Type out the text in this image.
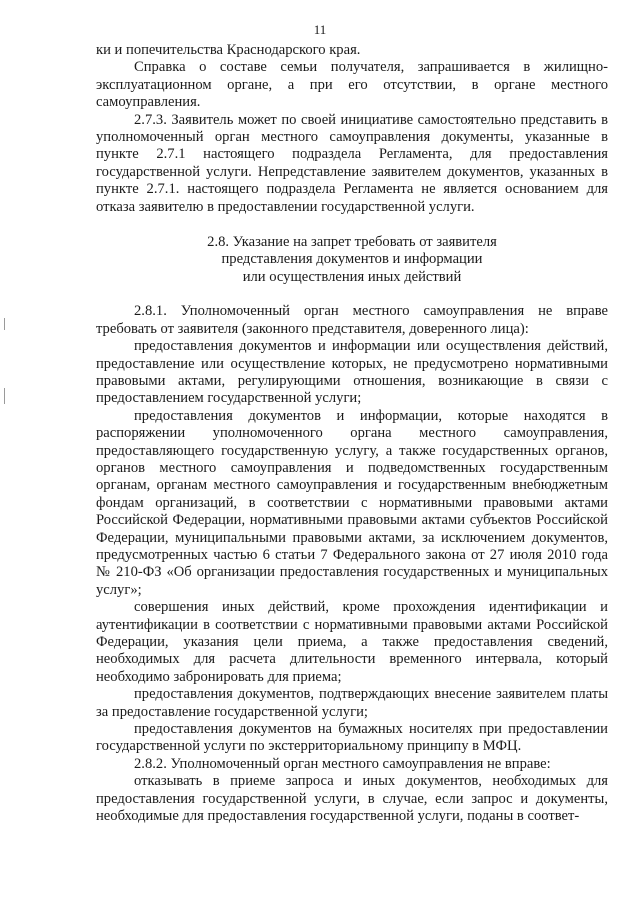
11

ки и попечительства Краснодарского края.

Справка о составе семьи получателя, запрашивается в жилищно-эксплуатационном органе, а при его отсутствии, в органе местного самоуправления.

2.7.3. Заявитель может по своей инициативе самостоятельно представить в уполномоченный орган местного самоуправления документы, указанные в пункте 2.7.1 настоящего подраздела Регламента, для предоставления государственной услуги. Непредставление заявителем документов, указанных в пункте 2.7.1. настоящего подраздела Регламента не является основанием для отказа заявителю в предоставлении государственной услуги.

2.8. Указание на запрет требовать от заявителя
представления документов и информации
или осуществления иных действий

2.8.1. Уполномоченный орган местного самоуправления не вправе требовать от заявителя (законного представителя, доверенного лица):

предоставления документов и информации или осуществления действий, предоставление или осуществление которых, не предусмотрено нормативными правовыми актами, регулирующими отношения, возникающие в связи с предоставлением государственной услуги;

предоставления документов и информации, которые находятся в распоряжении уполномоченного органа местного самоуправления, предоставляющего государственную услугу, а также государственных органов, органов местного самоуправления и подведомственных государственным органам, органам местного самоуправления и государственным внебюджетным фондам организаций, в соответствии с нормативными правовыми актами Российской Федерации, нормативными правовыми актами субъектов Российской Федерации, муниципальными правовыми актами, за исключением документов, предусмотренных частью 6 статьи 7 Федерального закона от 27 июля 2010 года № 210-ФЗ «Об организации предоставления государственных и муниципальных услуг»;

совершения иных действий, кроме прохождения идентификации и аутентификации в соответствии с нормативными правовыми актами Российской Федерации, указания цели приема, а также предоставления сведений, необходимых для расчета длительности временного интервала, который необходимо забронировать для приема;

предоставления документов, подтверждающих внесение заявителем платы за предоставление государственной услуги;

предоставления документов на бумажных носителях при предоставлении государственной услуги по экстерриториальному принципу в МФЦ.

2.8.2. Уполномоченный орган местного самоуправления не вправе:

отказывать в приеме запроса и иных документов, необходимых для предоставления государственной услуги, в случае, если запрос и документы, необходимые для предоставления государственной услуги, поданы в соответ-
